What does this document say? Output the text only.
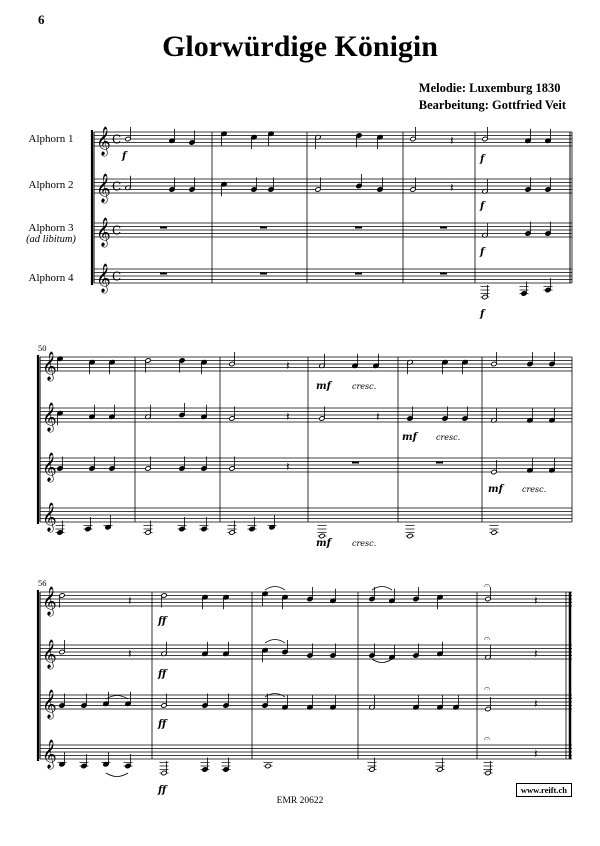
6
Glorwürdige Königin
Melodie: Luxemburg 1830
Bearbeitung: Gottfried Veit
Alphorn 1
Alphorn 2
Alphorn 3
(ad libitum)
Alphorn 4
50
56
EMR 20622
www.reift.ch
𝄞 C
𝄞 C
𝄞 C
𝄞 C
𝄽
f	f
𝄽
f
f
f
𝄞
𝄞
𝄞
𝄞
𝄽
mf	cresc.
𝄽	𝄽
mf cresc.
𝄽
mf cresc.
mf	cresc.
𝄞
𝄞
𝄞
𝄞
𝄽
𝄐
𝄽
ff
𝄽
𝄐
𝄽
ff
𝄐
𝄽
ff
𝄐
𝄽
ff
